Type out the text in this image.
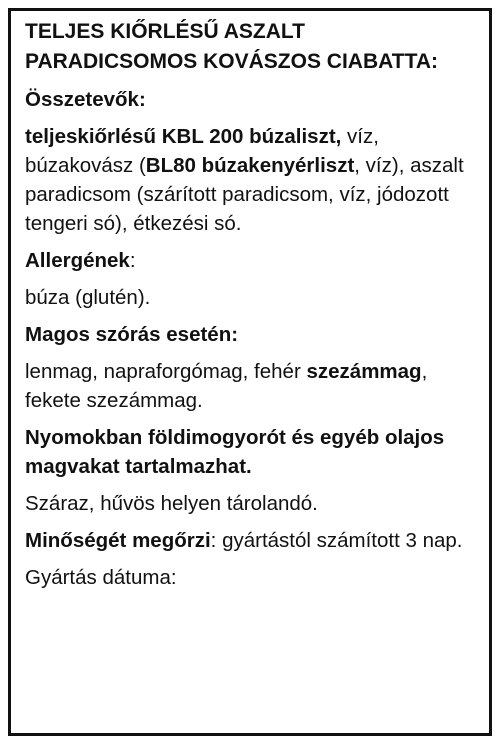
TELJES KIŐRLÉSŰ ASZALT PARADICSOMOS KOVÁSZOS CIABATTA:
Összetevők:
teljeskiőrlésű KBL 200 búzaliszt, víz, búzakovász (BL80 búzakenyérliszt, víz), aszalt paradicsom (szárított paradicsom, víz, jódozott tengeri só), étkezési só.
Allergének:
búza (glutén).
Magos szórás esetén:
lenmag, napraforgómag, fehér szezámmag, fekete szezámmag.
Nyomokban földimogyorót és egyéb olajos magvakat tartalmazhat.
Száraz, hűvös helyen tárolandó.
Minőségét megőrzi: gyártástól számított 3 nap.
Gyártás dátuma:
